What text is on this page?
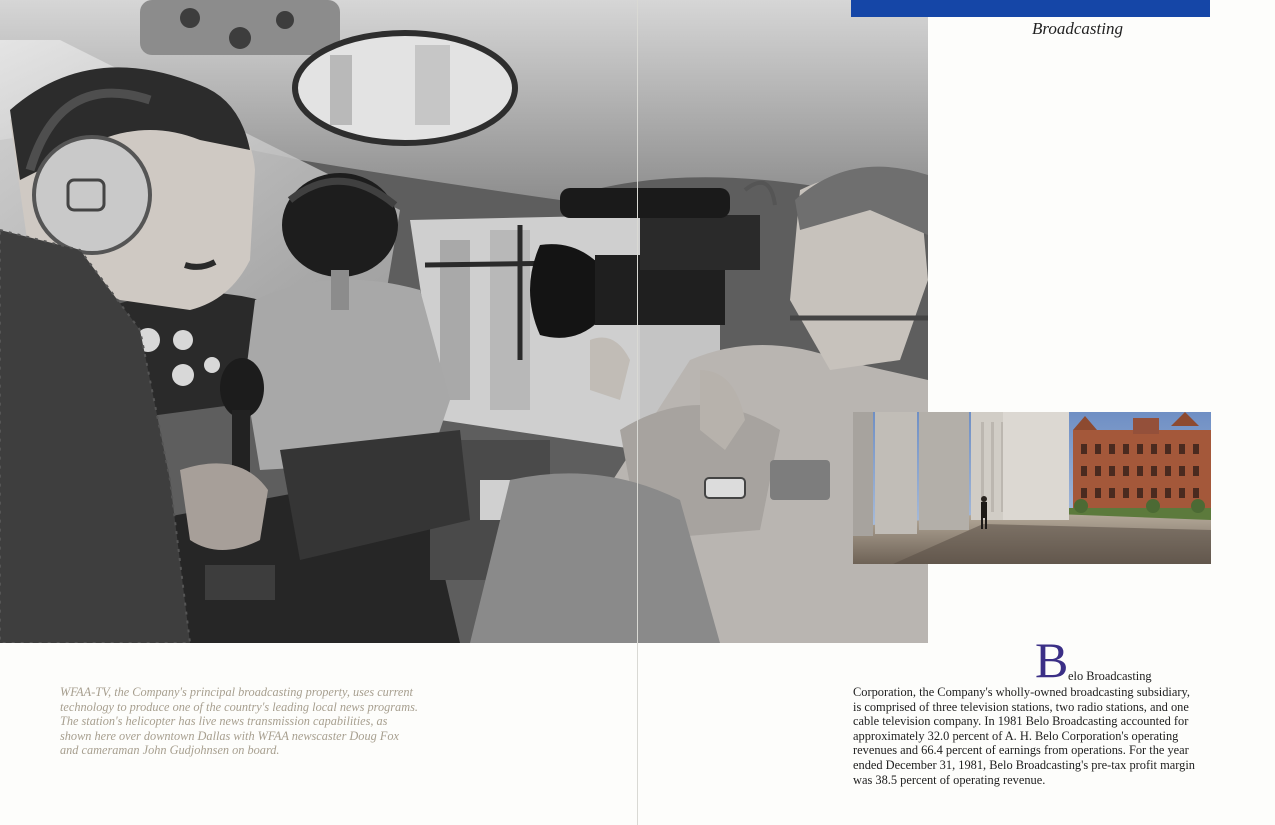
Broadcasting
WFAA-TV, the Company's principal broadcasting property, uses current
technology to produce one of the country's leading local news programs.
The station's helicopter has live news transmission capabilities, as
shown here over downtown Dallas with WFAA newscaster Doug Fox
and cameraman John Gudjohnsen on board.
B elo Broadcasting
Corporation, the Company's wholly-owned broadcasting subsidiary,
is comprised of three television stations, two radio stations, and one
cable television company. In 1981 Belo Broadcasting accounted for
approximately 32.0 percent of A. H. Belo Corporation's operating
revenues and 66.4 percent of earnings from operations. For the year
ended December 31, 1981, Belo Broadcasting's pre-tax profit margin
was 38.5 percent of operating revenue.
